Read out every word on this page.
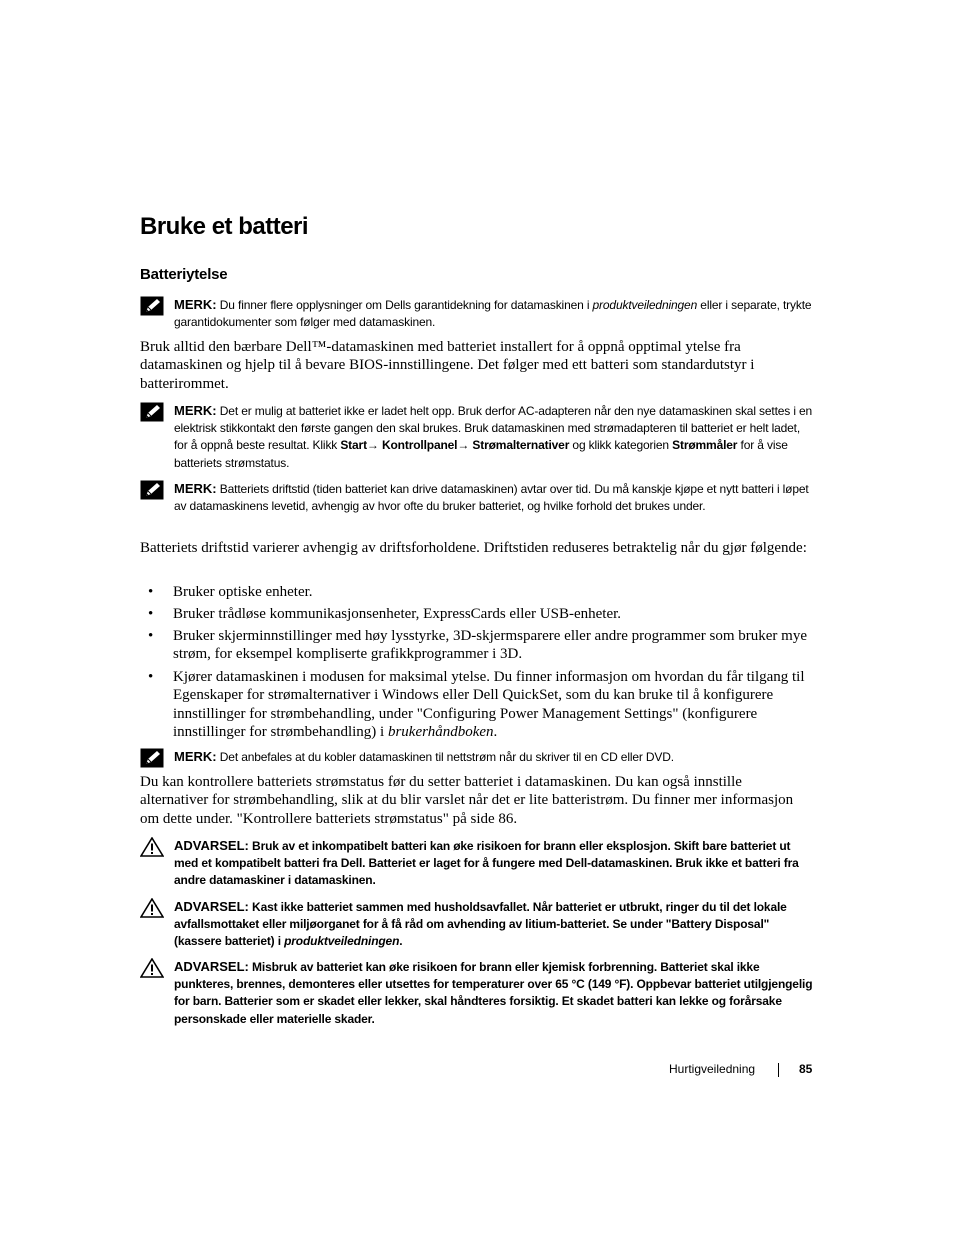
Bruke et batteri
Batteriytelse
MERK: Du finner flere opplysninger om Dells garantidekning for datamaskinen i produktveiledningen eller i separate, trykte garantidokumenter som følger med datamaskinen.

Bruk alltid den bærbare Dell™-datamaskinen med batteriet installert for å oppnå opptimal ytelse fra datamaskinen og hjelp til å bevare BIOS-innstillingene. Det følger med ett batteri som standardutstyr i batterirommet.

MERK: Det er mulig at batteriet ikke er ladet helt opp. Bruk derfor AC-adapteren når den nye datamaskinen skal settes i en elektrisk stikkontakt den første gangen den skal brukes. Bruk datamaskinen med strømadapteren til batteriet er helt ladet, for å oppnå beste resultat. Klikk Start→ Kontrollpanel→ Strømalternativer og klikk kategorien Strømmåler for å vise batteriets strømstatus.
MERK: Batteriets driftstid (tiden batteriet kan drive datamaskinen) avtar over tid. Du må kanskje kjøpe et nytt batteri i løpet av datamaskinens levetid, avhengig av hvor ofte du bruker batteriet, og hvilke forhold det brukes under.

Batteriets driftstid varierer avhengig av driftsforholdene. Driftstiden reduseres betraktelig når du gjør følgende:

• Bruker optiske enheter.
• Bruker trådløse kommunikasjonsenheter, ExpressCards eller USB-enheter.
• Bruker skjerminnstillinger med høy lysstyrke, 3D-skjermsparere eller andre programmer som bruker mye strøm, for eksempel kompliserte grafikkprogrammer i 3D.
• Kjører datamaskinen i modusen for maksimal ytelse. Du finner informasjon om hvordan du får tilgang til Egenskaper for strømalternativer i Windows eller Dell QuickSet, som du kan bruke til å konfigurere innstillinger for strømbehandling, under "Configuring Power Management Settings" (konfigurere innstillinger for strømbehandling) i brukerhåndboken.
MERK: Det anbefales at du kobler datamaskinen til nettstrøm når du skriver til en CD eller DVD.

Du kan kontrollere batteriets strømstatus før du setter batteriet i datamaskinen. Du kan også innstille alternativer for strømbehandling, slik at du blir varslet når det er lite batteristrøm. Du finner mer informasjon om dette under. "Kontrollere batteriets strømstatus" på side 86.

ADVARSEL: Bruk av et inkompatibelt batteri kan øke risikoen for brann eller eksplosjon. Skift bare batteriet ut med et kompatibelt batteri fra Dell. Batteriet er laget for å fungere med Dell-datamaskinen. Bruk ikke et batteri fra andre datamaskiner i datamaskinen.
ADVARSEL: Kast ikke batteriet sammen med husholdsavfallet. Når batteriet er utbrukt, ringer du til det lokale avfallsmottaket eller miljøorganet for å få råd om avhending av litium-batteriet. Se under "Battery Disposal" (kassere batteriet) i produktveiledningen.
ADVARSEL: Misbruk av batteriet kan øke risikoen for brann eller kjemisk forbrenning. Batteriet skal ikke punkteres, brennes, demonteres eller utsettes for temperaturer over 65 °C (149 °F). Oppbevar batteriet utilgjengelig for barn. Batterier som er skadet eller lekker, skal håndteres forsiktig. Et skadet batteri kan lekke og forårsake personskade eller materielle skader.
Hurtigveiledning	85
